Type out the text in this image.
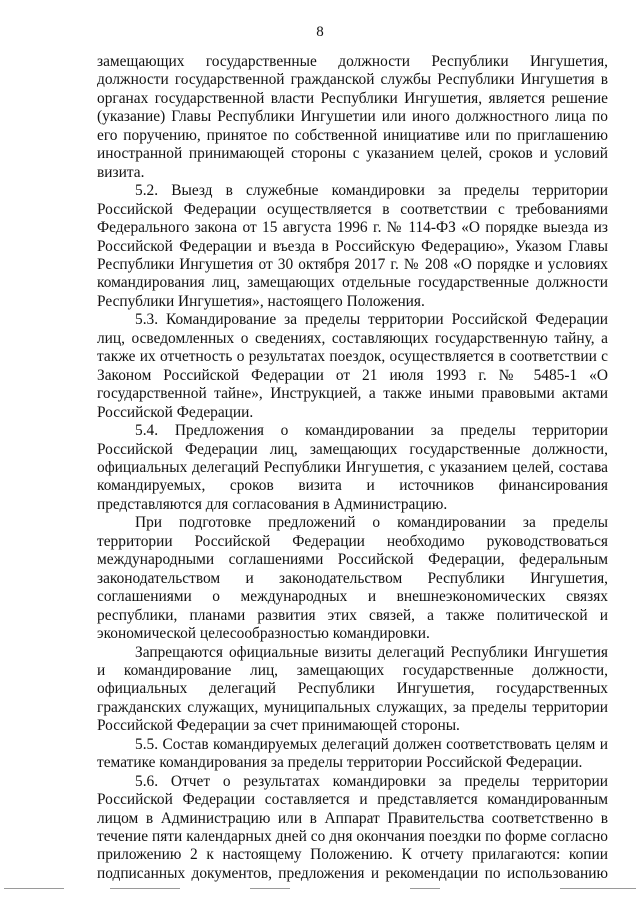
8

замещающих государственные должности Республики Ингушетия, должности государственной гражданской службы Республики Ингушетия в органах государственной власти Республики Ингушетия, является решение (указание) Главы Республики Ингушетии или иного должностного лица по его поручению, принятое по собственной инициативе или по приглашению иностранной принимающей стороны с указанием целей, сроков и условий визита.

5.2. Выезд в служебные командировки за пределы территории Российской Федерации осуществляется в соответствии с требованиями Федерального закона от 15 августа 1996 г. № 114-ФЗ «О порядке выезда из Российской Федерации и въезда в Российскую Федерацию», Указом Главы Республики Ингушетия от 30 октября 2017 г. № 208 «О порядке и условиях командирования лиц, замещающих отдельные государственные должности Республики Ингушетия», настоящего Положения.

5.3. Командирование за пределы территории Российской Федерации лиц, осведомленных о сведениях, составляющих государственную тайну, а также их отчетность о результатах поездок, осуществляется в соответствии с Законом Российской Федерации от 21 июля 1993 г. № 5485-1 «О государственной тайне», Инструкцией, а также иными правовыми актами Российской Федерации.

5.4. Предложения о командировании за пределы территории Российской Федерации лиц, замещающих государственные должности, официальных делегаций Республики Ингушетия, с указанием целей, состава командируемых, сроков визита и источников финансирования представляются для согласования в Администрацию.

При подготовке предложений о командировании за пределы территории Российской Федерации необходимо руководствоваться международными соглашениями Российской Федерации, федеральным законодательством и законодательством Республики Ингушетия, соглашениями о международных и внешнеэкономических связях республики, планами развития этих связей, а также политической и экономической целесообразностью командировки.

Запрещаются официальные визиты делегаций Республики Ингушетия и командирование лиц, замещающих государственные должности, официальных делегаций Республики Ингушетия, государственных гражданских служащих, муниципальных служащих, за пределы территории Российской Федерации за счет принимающей стороны.

5.5. Состав командируемых делегаций должен соответствовать целям и тематике командирования за пределы территории Российской Федерации.

5.6. Отчет о результатах командировки за пределы территории Российской Федерации составляется и представляется командированным лицом в Администрацию или в Аппарат Правительства соответственно в течение пяти календарных дней со дня окончания поездки по форме согласно приложению 2 к настоящему Положению. К отчету прилагаются: копии подписанных документов, предложения и рекомендации по использованию
